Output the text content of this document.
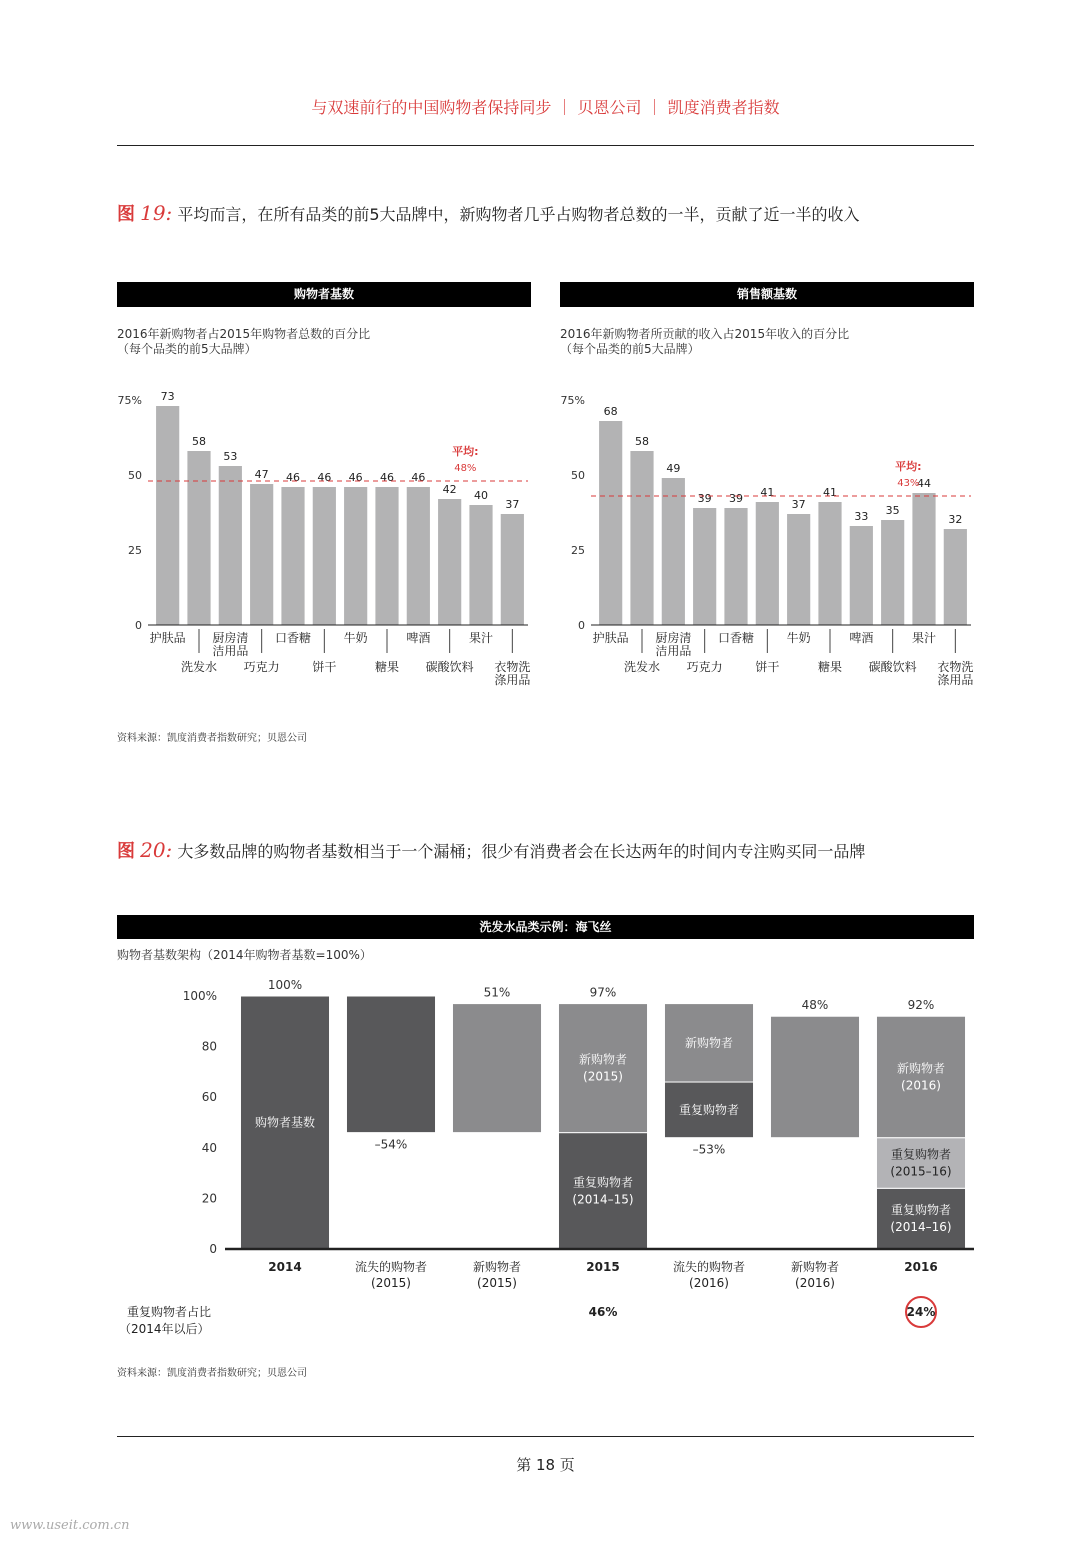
与双速前行的中国购物者保持同步 ｜ 贝恩公司 ｜ 凯度消费者指数
图 19: 平均而言，在所有品类的前5大品牌中，新购物者几乎占购物者总数的一半，贡献了近一半的收入
购物者基数
2016年新购物者占2015年购物者总数的百分比
（每个品类的前5大品牌）
75%
50
25
0
73
58
53
47 46 46 46 46 46
42 40
37
护肤品
洗发水
厨房清
洁用品
巧克力
口香糖
饼干
牛奶
糖果
啤酒
碳酸饮料
果汁
衣物洗
涤用品
平均:
48%
销售额基数
2016年新购物者所贡献的收入占2015年收入的百分比
（每个品类的前5大品牌）
75%
50
25
0
68
58
49
39 39 41
37
41
33 35
44
32
护肤品
洗发水
厨房清
洁用品
巧克力
口香糖
饼干
牛奶
糖果
啤酒
碳酸饮料
果汁
衣物洗
涤用品
平均:
43%
资料来源：凯度消费者指数研究；贝恩公司
图 20: 大多数品牌的购物者基数相当于一个漏桶；很少有消费者会在长达两年的时间内专注购买同一品牌
洗发水品类示例：海飞丝
购物者基数架构（2014年购物者基数=100%）
100%
80
60
40
20
0
购物者基数
100%
2014
–54%
流失的购物者
(2015)
51%
新购物者
(2015)
重复购物者
(2014–15)
新购物者
(2015)
97%
2015
46%
重复购物者
新购物者
–53%
流失的购物者
(2016)
48%
新购物者
(2016)
重复购物者
(2014–16)
重复购物者
(2015–16)
新购物者
(2016)
92%
2016
24%
重复购物者占比
（2014年以后）
资料来源：凯度消费者指数研究；贝恩公司
第 18 页
www.useit.com.cn
